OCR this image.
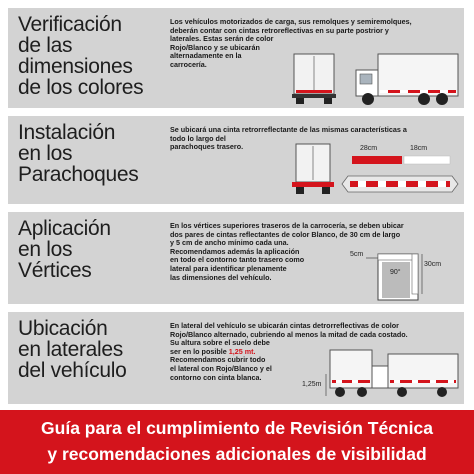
Verificación
de las
dimensiones
de los colores
Los vehículos motorizados de carga, sus remolques y semiremolques,
deberán contar con cintas retroreflectivas en su parte postrior y
laterales. Estas serán de color
Rojo/Blanco y se ubicarán
alternadamente en la
carrocería.
Instalación
en los
Parachoques
Se ubicará una cinta retrorreflectante de las mismas características a
todo lo largo del
parachoques trasero.	28cm	18cm
Aplicación
en los
Vértices
En los vértices superiores traseros de la carrocería, se deben ubicar
dos pares de cintas reflectantes de color Blanco, de 30 cm de largo
y 5 cm de ancho mínimo cada una.
Recomendamos además la aplicación
en todo el contorno tanto trasero como
lateral para identificar plenamente
las dimensiones del vehículo.
5cm
90°
30cm
Ubicación
en laterales
del vehículo
En lateral del vehículo se ubicarán cintas detrorreflectivas de color
Rojo/Blanco alternado, cubriendo al menos la mitad de cada costado.
Su altura sobre el suelo debe
ser en lo posible 1,25 mt.
Recomendamos cubrir todo
el lateral con Rojo/Blanco y el
contorno con cinta blanca.
1,25m
Guía para el cumplimiento de Revisión Técnica
y recomendaciones adicionales de visibilidad
